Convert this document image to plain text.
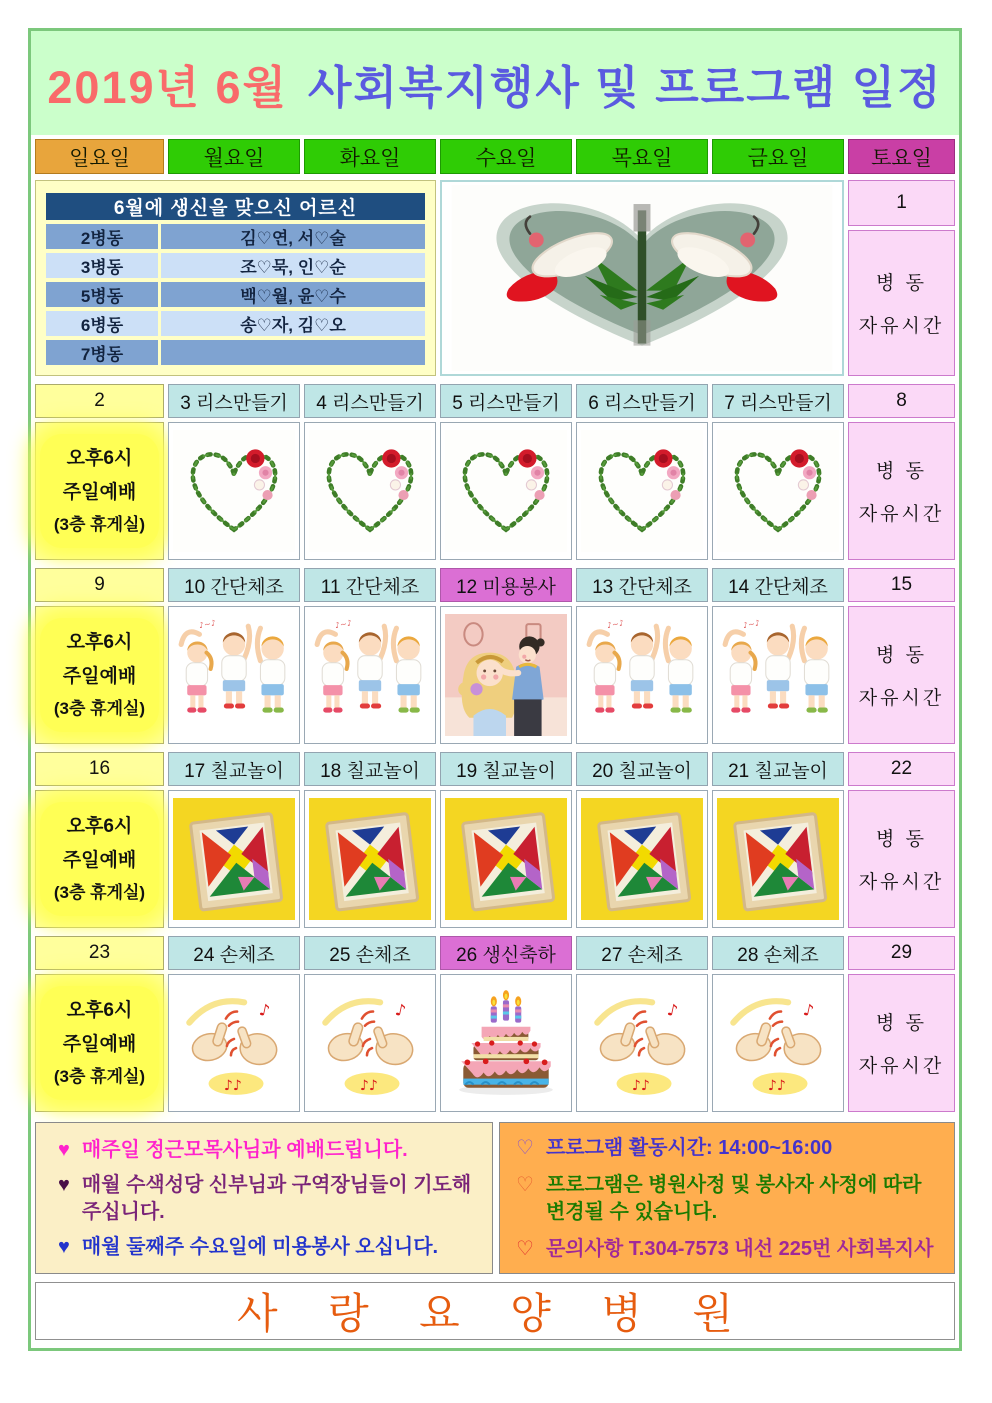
2019년 6월 사회복지행사 및 프로그램 일정
일요일	월요일	화요일	수요일	목요일	금요일	토요일
6월에 생신을 맞으신 어르신
2병동	김♡연, 서♡술
3병동	조♡묵, 인♡순
5병동	백♡월, 윤♡수
6병동	송♡자, 김♡오
7병동
1
병 동
자유시간
2	3 리스만들기	4 리스만들기	5 리스만들기	6 리스만들기	7 리스만들기	8
오후6시
주일예배
(3층 휴게실)
병 동
자유시간
9	10 간단체조	11 간단체조	12 미용봉사	13 간단체조	14 간단체조	15
오후6시
주일예배
(3층 휴게실)
병 동
자유시간
16	17 칠교놀이	18 칠교놀이	19 칠교놀이	20 칠교놀이	21 칠교놀이	22
오후6시
주일예배
(3층 휴게실)
병 동
자유시간
23	24 손체조	25 손체조	26 생신축하	27 손체조	28 손체조	29
오후6시
주일예배
(3층 휴게실)
병 동
자유시간
♥ 매주일 정근모목사님과 예배드립니다.
♥ 매월 수색성당 신부님과 구역장님들이 기도해주십니다.
♥ 매월 둘째주 수요일에 미용봉사 오십니다.
♡ 프로그램 활동시간: 14:00~16:00
♡ 프로그램은 병원사정 및 봉사자 사정에 따라 변경될 수 있습니다.
♡ 문의사항 T.304-7573 내선 225번 사회복지사
사 랑 요 양 병 원
